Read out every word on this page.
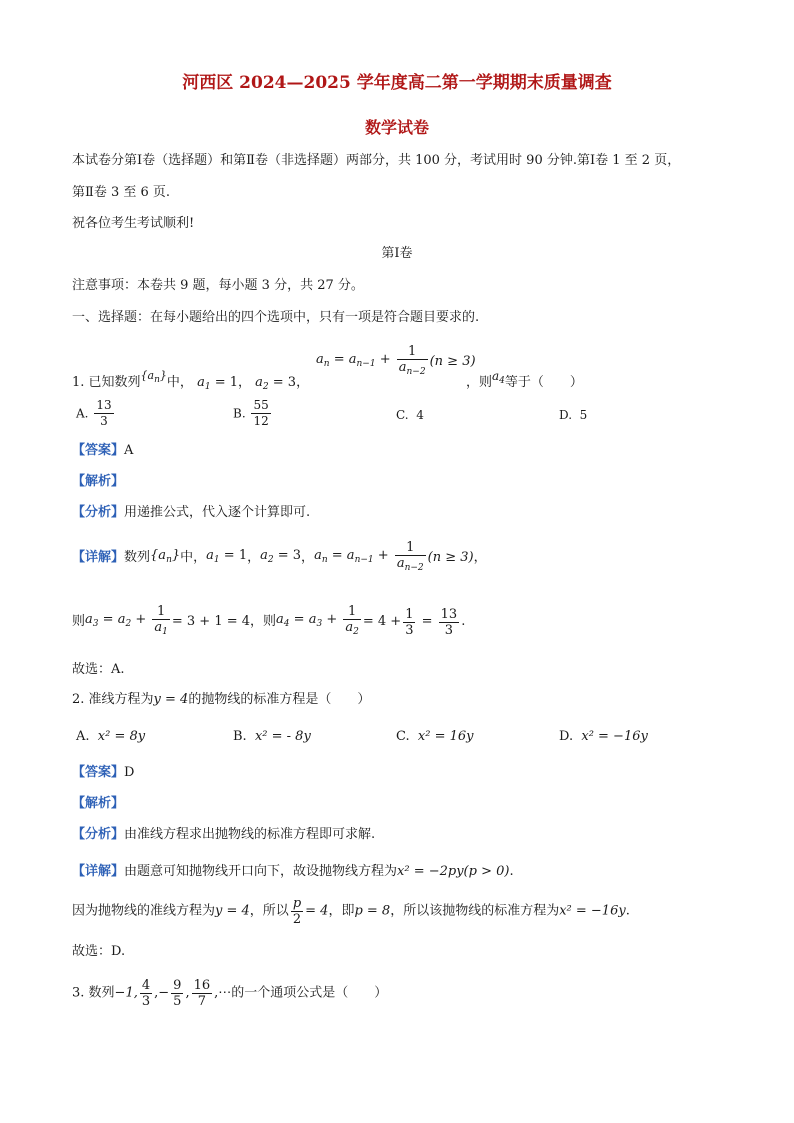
河西区 2024—2025 学年度高二第一学期期末质量调查
数学试卷
本试卷分第Ⅰ卷（选择题）和第Ⅱ卷（非选择题）两部分，共 100 分，考试用时 90 分钟.第Ⅰ卷 1 至 2 页，
第Ⅱ卷 3 至 6 页.
祝各位考生考试顺利!
第Ⅰ卷
注意事项：本卷共 9 题，每小题 3 分，共 27 分。
一、选择题：在每小题给出的四个选项中，只有一项是符合题目要求的.
1. 已知数列$^{\{a_n\}}$中， $a_1 = 1$， $a_2 = 3$，
$a_n = a_{n-1} + \frac{1}{a_{n-2}} (n \ge 3)$
，则$a_4$等于（　　）
A. $\frac{13}{3}$	B. $\frac{55}{12}$	C. 4	D. 5
【答案】A
【解析】
【分析】用递推公式，代入逐个计算即可.
【详解】数列$\{a_n\}$中，$a_1 = 1$，$a_2 = 3$，$a_n = a_{n-1} + \frac{1}{a_{n-2}} (n \ge 3)$，
则$a_3 = a_2 + \frac{1}{a_1} = 3 + 1 = 4$，则$a_4 = a_3 + \frac{1}{a_2} = 4 + \frac{1}{3} = \frac{13}{3}$ .
故选：A.
2. 准线方程为y = 4的抛物线的标准方程是（　　）
A. x² = 8y	B. x² = - 8y	C. x² = 16y	D. x² = −16y
【答案】D
【解析】
【分析】由准线方程求出抛物线的标准方程即可求解.
【详解】由题意可知抛物线开口向下，故设抛物线方程为x² = −2py(p > 0).
因为抛物线的准线方程为y = 4，所以 $\frac{p}{2} = 4$，即p = 8，所以该抛物线的标准方程为x² = −16y.
故选：D.
3. 数列−1, $\frac{4}{3}$ ,− $\frac{9}{5}$ , $\frac{16}{7}$ ,⋯的一个通项公式是（　　）
